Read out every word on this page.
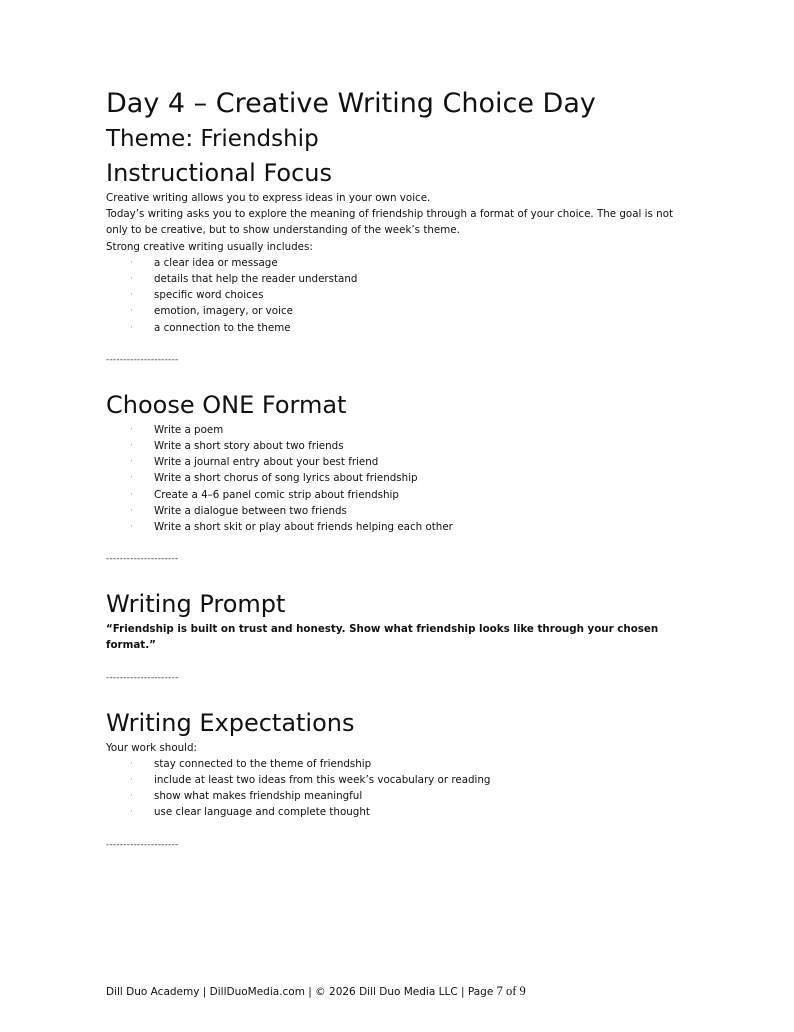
Day 4 – Creative Writing Choice Day
Theme: Friendship
Instructional Focus

Creative writing allows you to express ideas in your own voice.

Today’s writing asks you to explore the meaning of friendship through a format of your choice. The goal is not only to be creative, but to show understanding of the week’s theme.

Strong creative writing usually includes:

·	a clear idea or message
·	details that help the reader understand
·	specific word choices
·	emotion, imagery, or voice
·	a connection to the theme
---------------------
Choose ONE Format
·	Write a poem
·	Write a short story about two friends
·	Write a journal entry about your best friend
·	Write a short chorus of song lyrics about friendship
·	Create a 4–6 panel comic strip about friendship
·	Write a dialogue between two friends
·	Write a short skit or play about friends helping each other
---------------------
Writing Prompt

“Friendship is built on trust and honesty. Show what friendship looks like through your chosen format.”

---------------------
Writing Expectations

Your work should:

·	stay connected to the theme of friendship
·	include at least two ideas from this week’s vocabulary or reading
·	show what makes friendship meaningful
·	use clear language and complete thought
---------------------
Dill Duo Academy | DillDuoMedia.com | © 2026 Dill Duo Media LLC | Page 7 of 9
